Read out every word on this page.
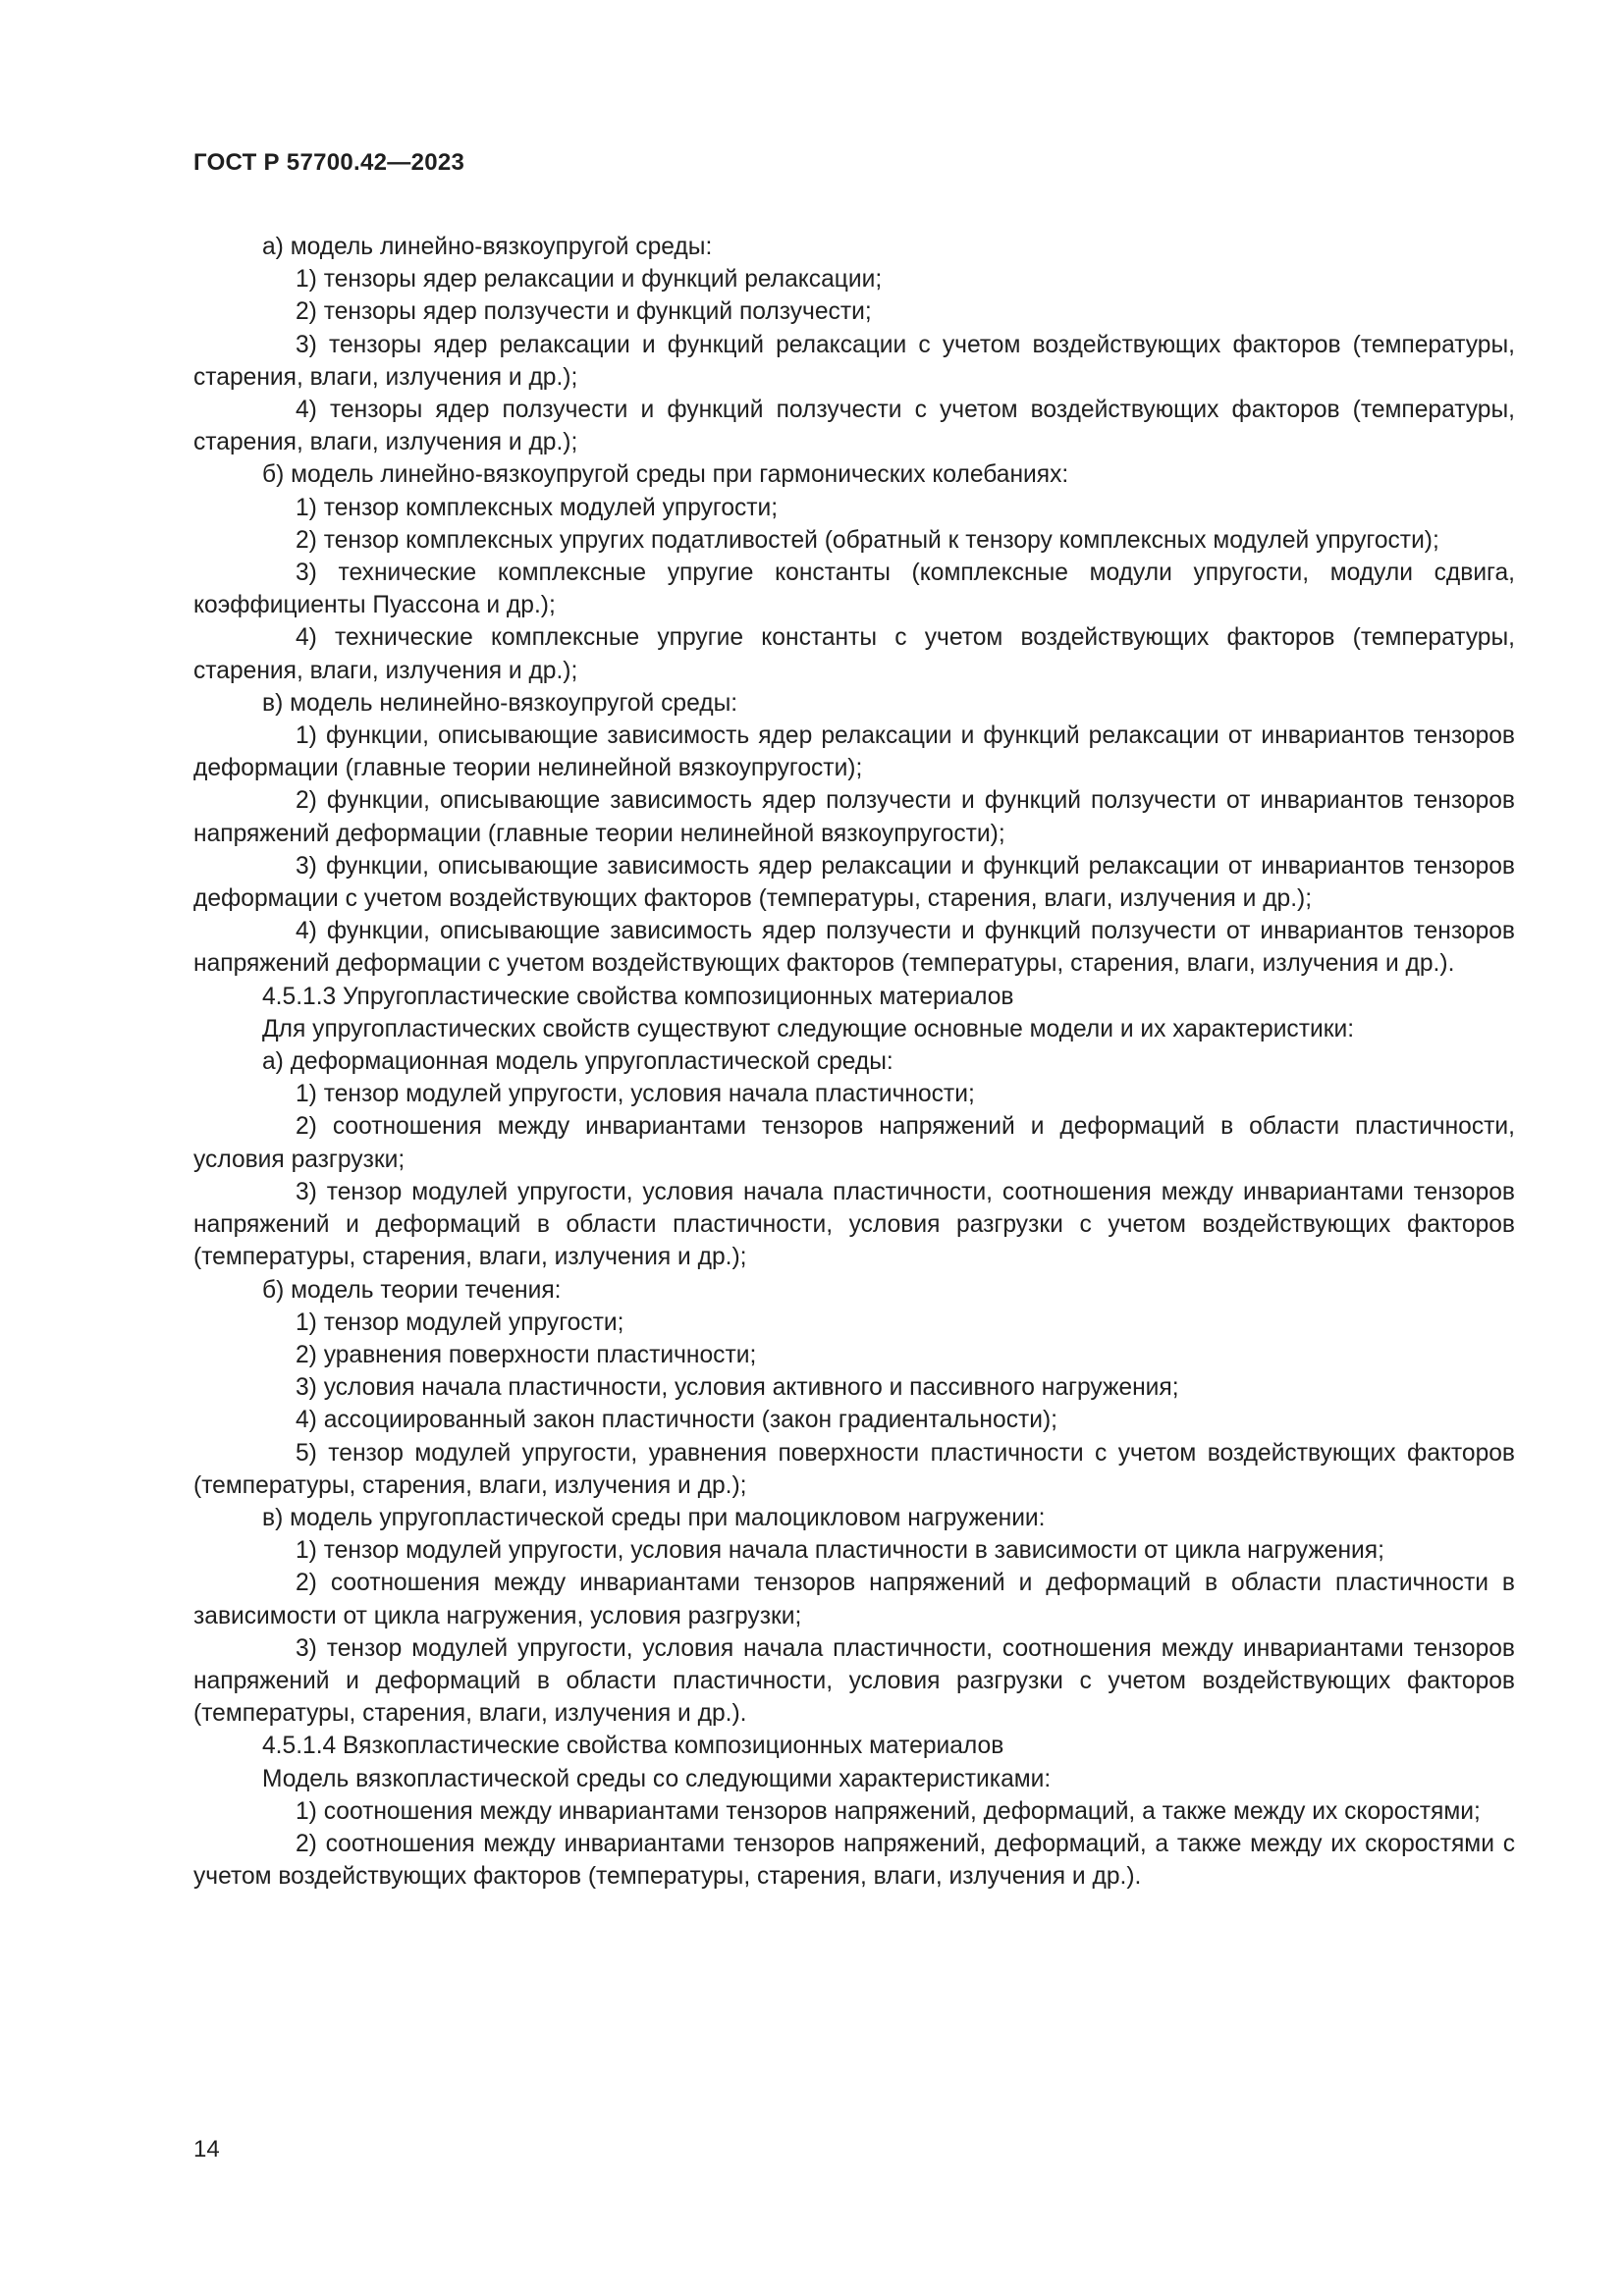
ГОСТ Р 57700.42—2023

а) модель линейно-вязкоупругой среды:

1) тензоры ядер релаксации и функций релаксации;

2) тензоры ядер ползучести и функций ползучести;

3) тензоры ядер релаксации и функций релаксации с учетом воздействующих факторов (температуры, старения, влаги, излучения и др.);

4) тензоры ядер ползучести и функций ползучести с учетом воздействующих факторов (температуры, старения, влаги, излучения и др.);

б) модель линейно-вязкоупругой среды при гармонических колебаниях:

1) тензор комплексных модулей упругости;

2) тензор комплексных упругих податливостей (обратный к тензору комплексных модулей упругости);

3) технические комплексные упругие константы (комплексные модули упругости, модули сдвига, коэффициенты Пуассона и др.);

4) технические комплексные упругие константы с учетом воздействующих факторов (температуры, старения, влаги, излучения и др.);

в) модель нелинейно-вязкоупругой среды:

1) функции, описывающие зависимость ядер релаксации и функций релаксации от инвариантов тензоров деформации (главные теории нелинейной вязкоупругости);

2) функции, описывающие зависимость ядер ползучести и функций ползучести от инвариантов тензоров напряжений деформации (главные теории нелинейной вязкоупругости);

3) функции, описывающие зависимость ядер релаксации и функций релаксации от инвариантов тензоров деформации с учетом воздействующих факторов (температуры, старения, влаги, излучения и др.);

4) функции, описывающие зависимость ядер ползучести и функций ползучести от инвариантов тензоров напряжений деформации с учетом воздействующих факторов (температуры, старения, влаги, излучения и др.).

4.5.1.3 Упругопластические свойства композиционных материалов

Для упругопластических свойств существуют следующие основные модели и их характеристики:

а) деформационная модель упругопластической среды:

1) тензор модулей упругости, условия начала пластичности;

2) соотношения между инвариантами тензоров напряжений и деформаций в области пластичности, условия разгрузки;

3) тензор модулей упругости, условия начала пластичности, соотношения между инвариантами тензоров напряжений и деформаций в области пластичности, условия разгрузки с учетом воздействующих факторов (температуры, старения, влаги, излучения и др.);

б) модель теории течения:

1) тензор модулей упругости;

2) уравнения поверхности пластичности;

3) условия начала пластичности, условия активного и пассивного нагружения;

4) ассоциированный закон пластичности (закон градиентальности);

5) тензор модулей упругости, уравнения поверхности пластичности с учетом воздействующих факторов (температуры, старения, влаги, излучения и др.);

в) модель упругопластической среды при малоцикловом нагружении:

1) тензор модулей упругости, условия начала пластичности в зависимости от цикла нагружения;

2) соотношения между инвариантами тензоров напряжений и деформаций в области пластичности в зависимости от цикла нагружения, условия разгрузки;

3) тензор модулей упругости, условия начала пластичности, соотношения между инвариантами тензоров напряжений и деформаций в области пластичности, условия разгрузки с учетом воздействующих факторов (температуры, старения, влаги, излучения и др.).

4.5.1.4 Вязкопластические свойства композиционных материалов

Модель вязкопластической среды со следующими характеристиками:

1) соотношения между инвариантами тензоров напряжений, деформаций, а также между их скоростями;

2) соотношения между инвариантами тензоров напряжений, деформаций, а также между их скоростями с учетом воздействующих факторов (температуры, старения, влаги, излучения и др.).

14
